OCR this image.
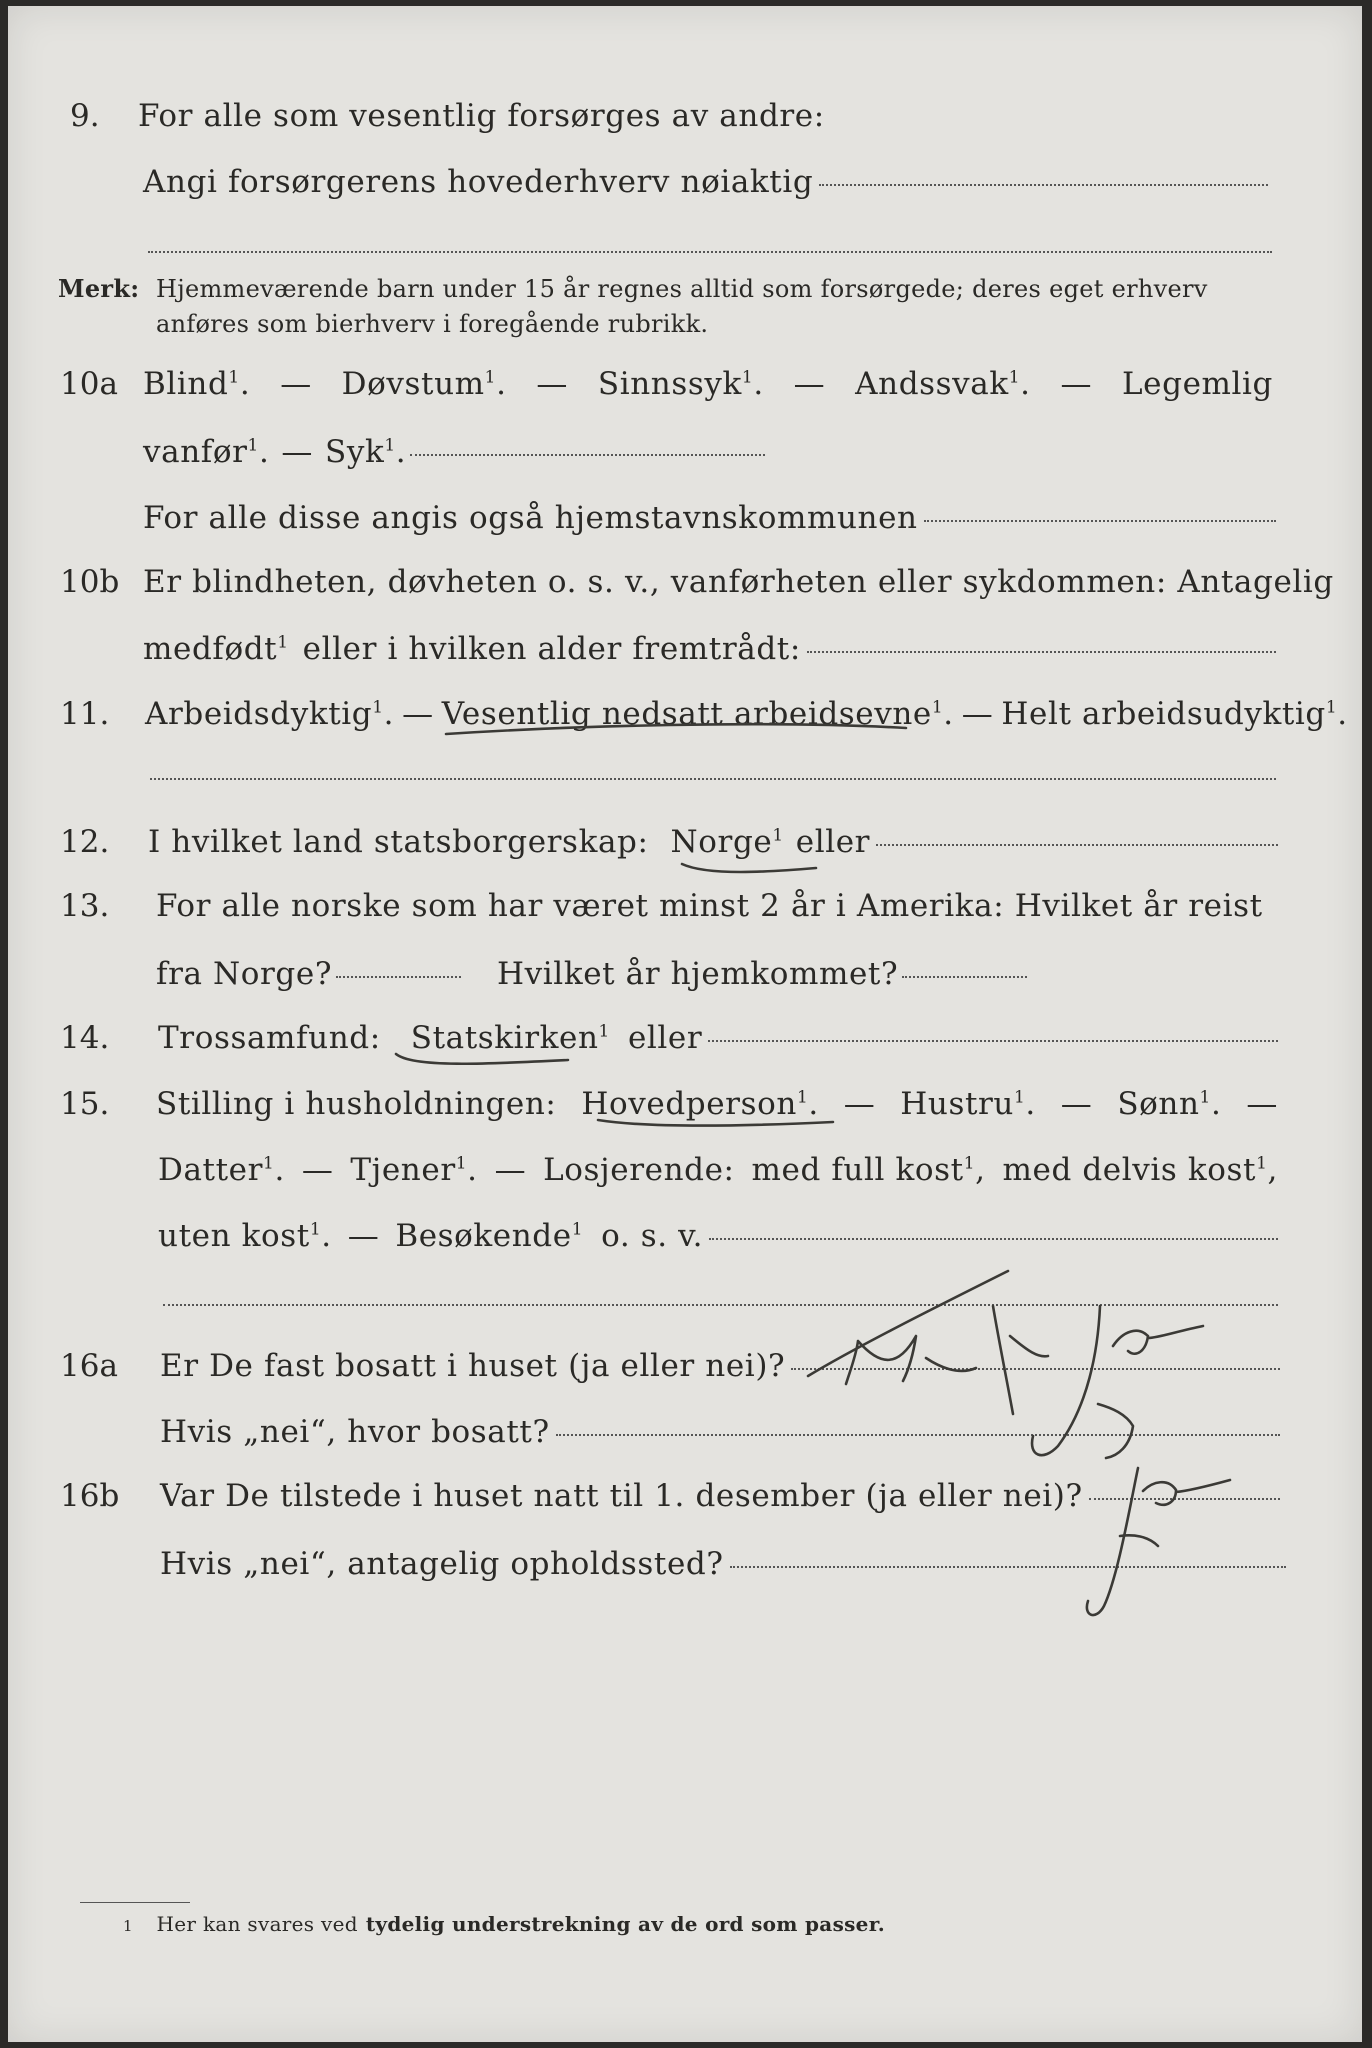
9. For alle som vesentlig forsørges av andre:
Angi forsørgerens hovederhverv nøiaktig
Merk: Hjemmeværende barn under 15 år regnes alltid som forsørgede; deres eget erhverv
anføres som bierhverv i foregående rubrikk.
10a Blind$^1$. — Døvstum$^1$. — Sinnssyk$^1$. — Andssvak$^1$. — Legemlig
vanfør$^1$. — Syk$^1$.
For alle disse angis også hjemstavnskommunen
10b Er blindheten, døvheten o. s. v., vanførheten eller sykdommen: Antagelig
medfødt$^1$ eller i hvilken alder fremtrådt:
11. Arbeidsdyktig$^1$. — Vesentlig nedsatt arbeidsevne$^1$. — Helt arbeidsudyktig$^1$.
12. I hvilket land statsborgerskap: Norge$^1$ eller
13. For alle norske som har været minst 2 år i Amerika: Hvilket år reist
fra Norge?	Hvilket år hjemkommet?
14. Trossamfund: Statskirken$^1$ eller
15. Stilling i husholdningen: Hovedperson$^1$. — Hustru$^1$. — Sønn$^1$. —
Datter$^1$. — Tjener$^1$. — Losjerende: med full kost$^1$, med delvis kost$^1$,
uten kost$^1$. — Besøkende$^1$ o. s. v.
16a Er De fast bosatt i huset (ja eller nei)?
Hvis „nei“, hvor bosatt?
16b Var De tilstede i huset natt til 1. desember (ja eller nei)?
Hvis „nei“, antagelig opholdssted?
1 Her kan svares ved tydelig understrekning av de ord som passer.
